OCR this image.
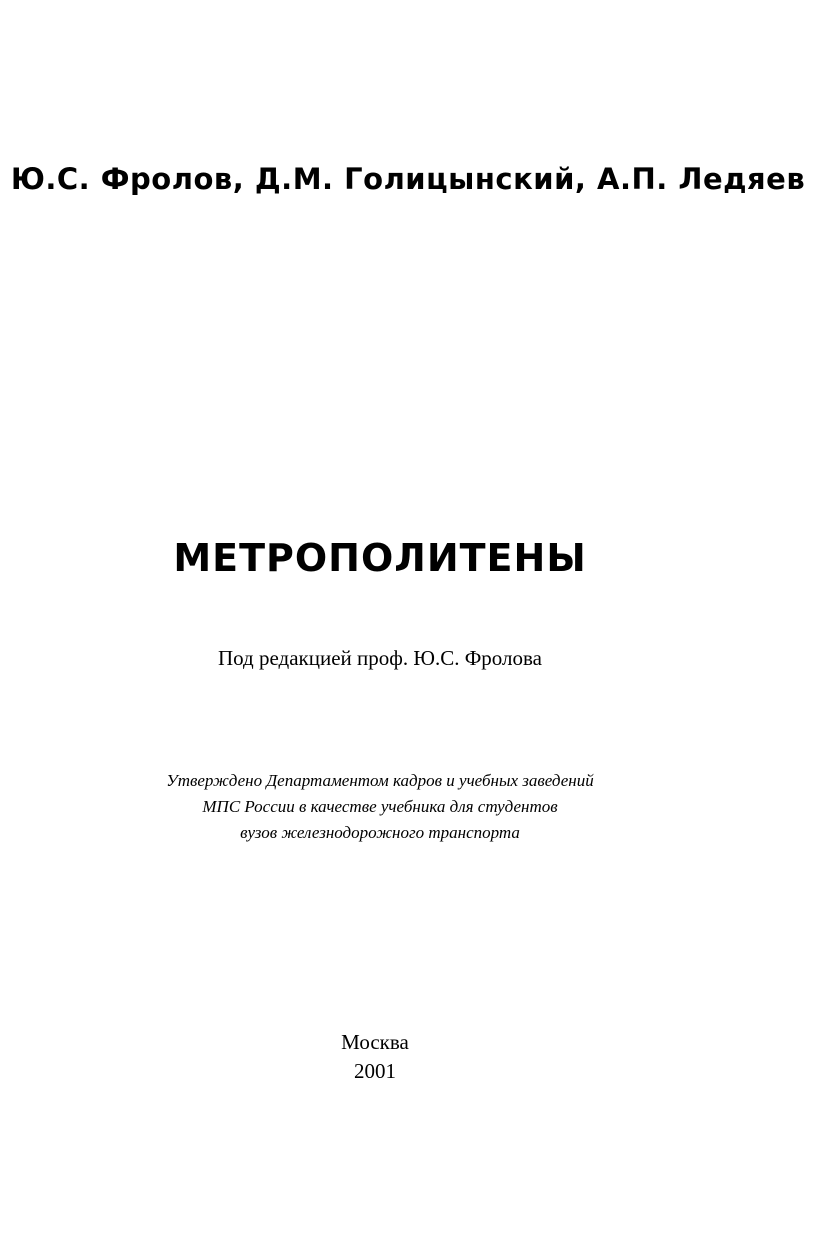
Ю.С. Фролов, Д.М. Голицынский, А.П. Ледяев
МЕТРОПОЛИТЕНЫ
Под редакцией проф. Ю.С. Фролова
Утверждено Департаментом кадров и учебных заведений
МПС России в качестве учебника для студентов
вузов железнодорожного транспорта
Москва
2001
